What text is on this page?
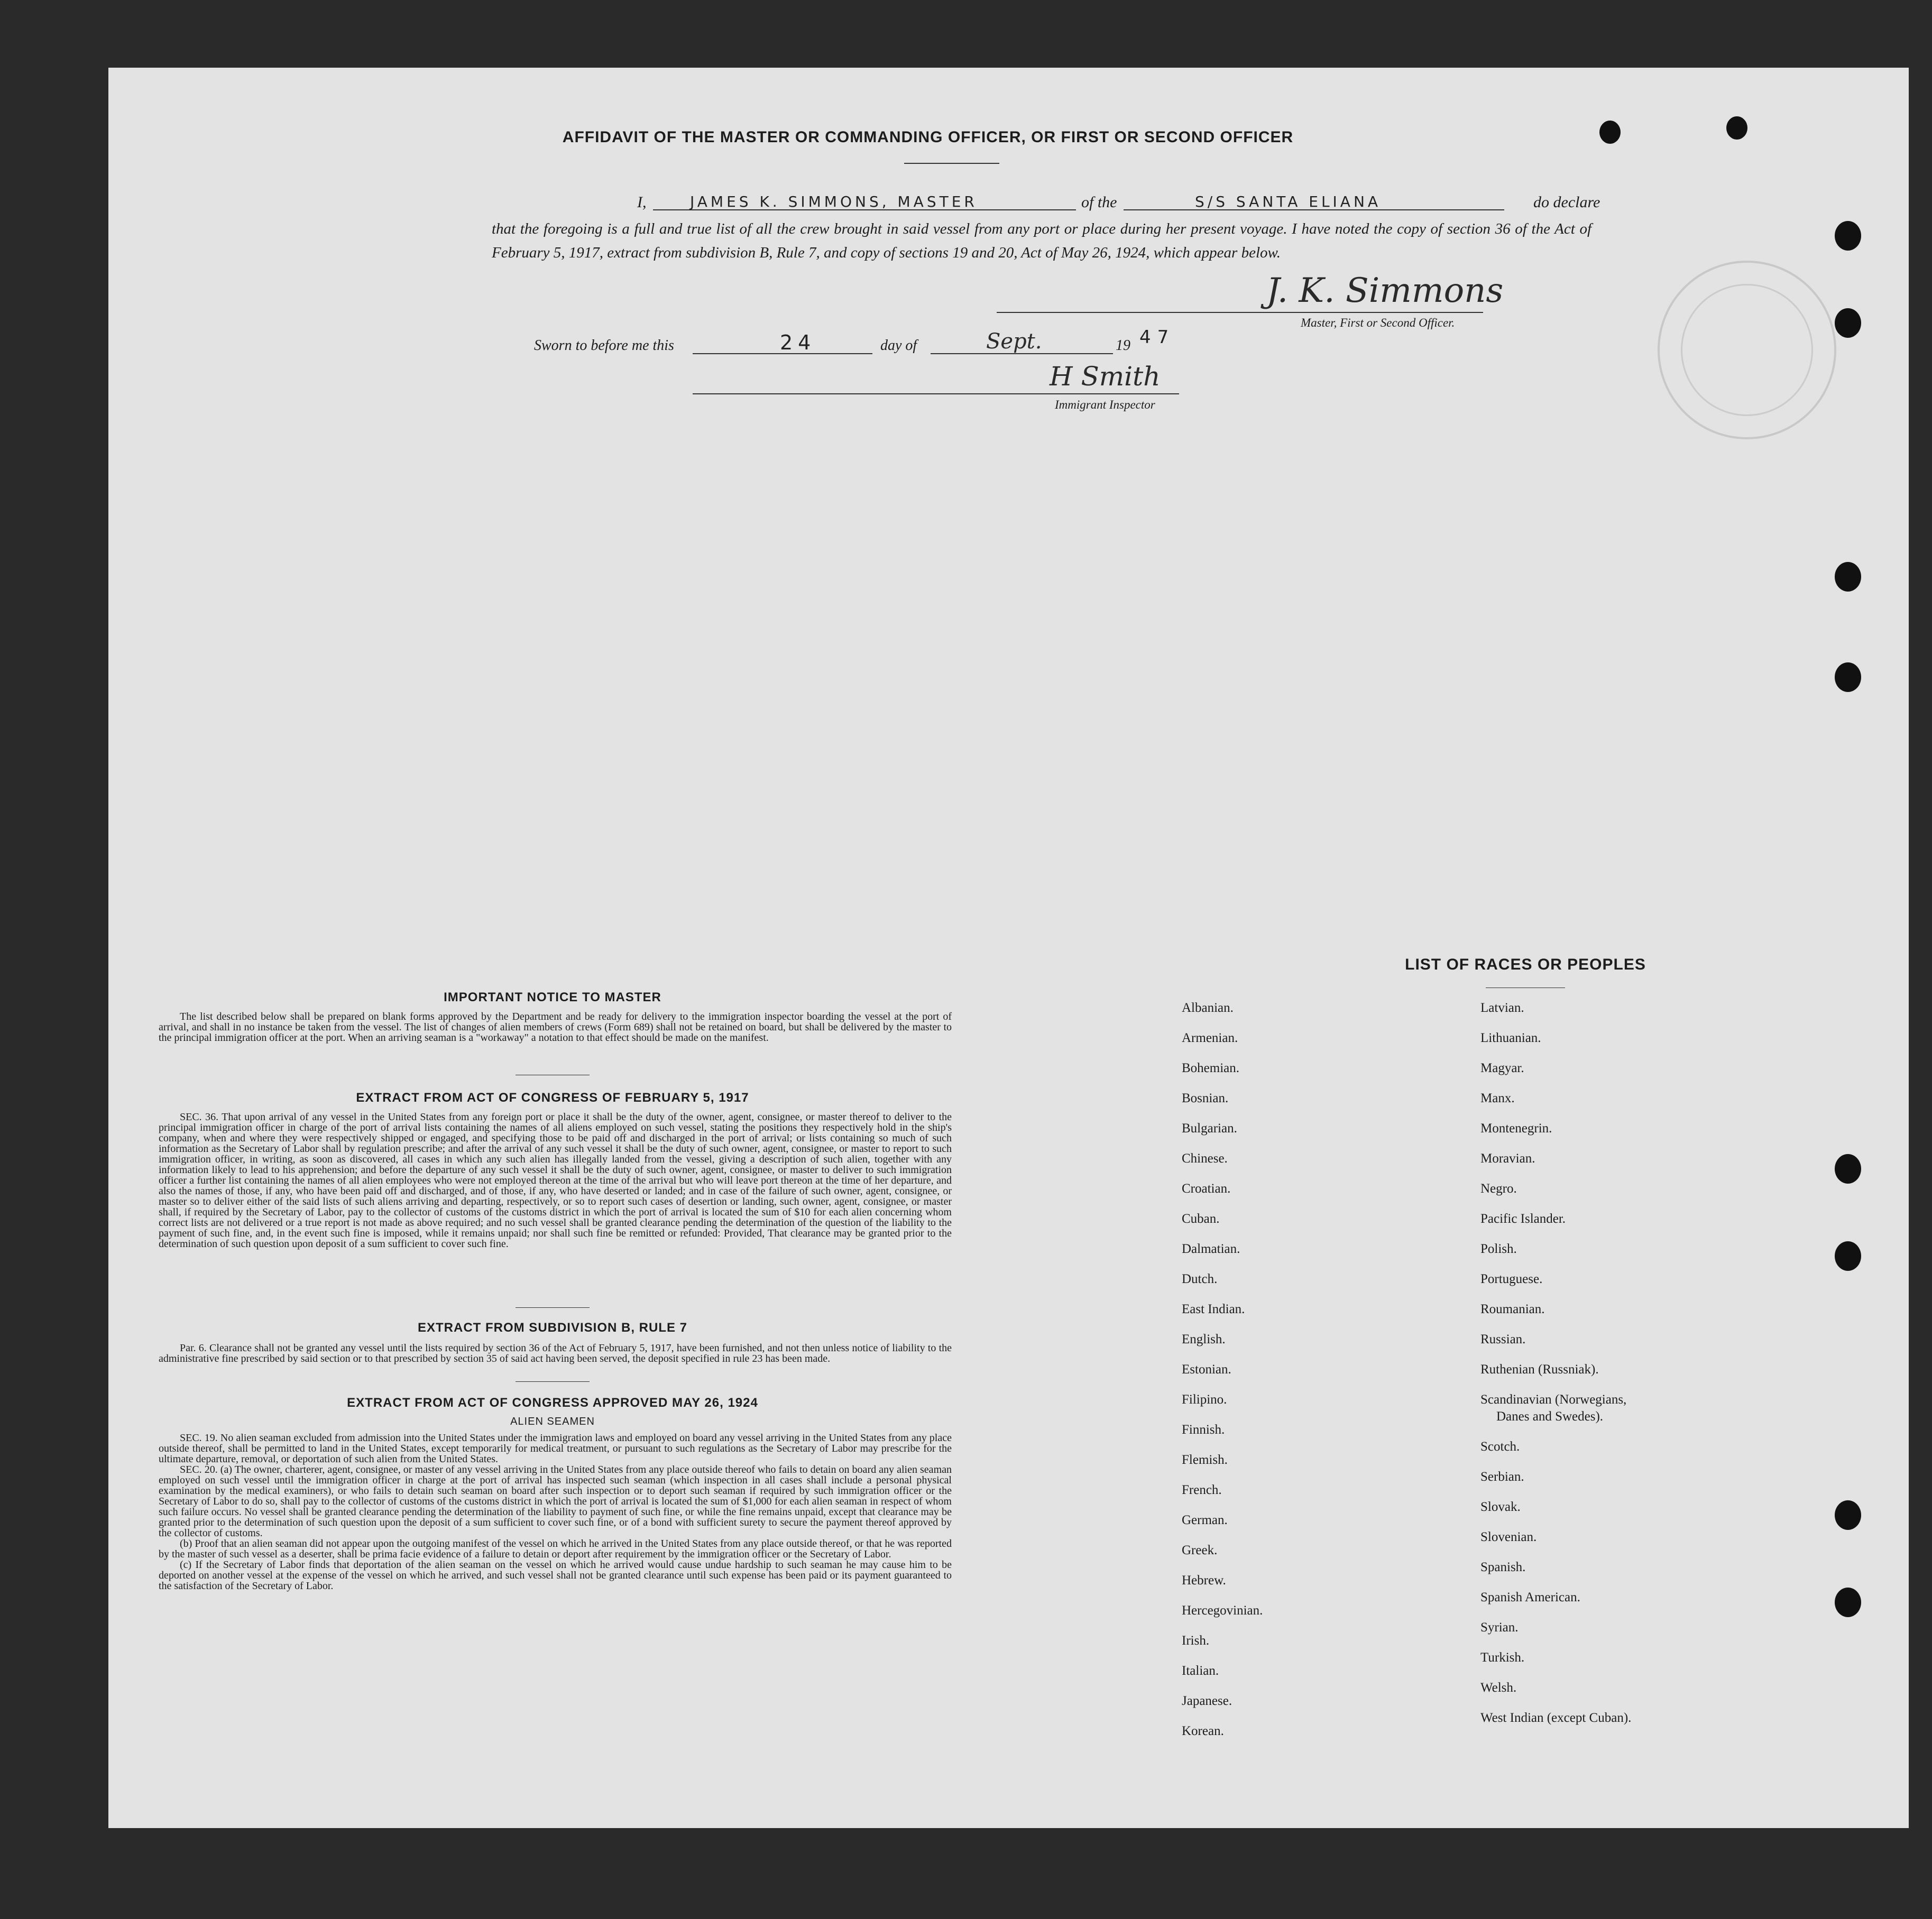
AFFIDAVIT OF THE MASTER OR COMMANDING OFFICER, OR FIRST OR SECOND OFFICER
I,	JAMES K. SIMMONS, MASTER	of the	S/S SANTA ELIANA	do declare
that the foregoing is a full and true list of all the crew brought in said vessel from any port or place during her present voyage. I have noted the copy of section 36 of the Act of February 5, 1917, extract from subdivision B, Rule 7, and copy of sections 19 and 20, Act of May 26, 1924, which appear below.
J. K. Simmons
Master, First or Second Officer.
Sworn to before me this	24	day of	Sept.	19 47
H Smith
Immigrant Inspector
IMPORTANT NOTICE TO MASTER
The list described below shall be prepared on blank forms approved by the Department and be ready for delivery to the immigration inspector boarding the vessel at the port of arrival, and shall in no instance be taken from the vessel. The list of changes of alien members of crews (Form 689) shall not be retained on board, but shall be delivered by the master to the principal immigration officer at the port. When an arriving seaman is a "workaway" a notation to that effect should be made on the manifest.
EXTRACT FROM ACT OF CONGRESS OF FEBRUARY 5, 1917
SEC. 36. That upon arrival of any vessel in the United States from any foreign port or place it shall be the duty of the owner, agent, consignee, or master thereof to deliver to the principal immigration officer in charge of the port of arrival lists containing the names of all aliens employed on such vessel, stating the positions they respectively hold in the ship's company, when and where they were respectively shipped or engaged, and specifying those to be paid off and discharged in the port of arrival; or lists containing so much of such information as the Secretary of Labor shall by regulation prescribe; and after the arrival of any such vessel it shall be the duty of such owner, agent, consignee, or master to report to such immigration officer, in writing, as soon as discovered, all cases in which any such alien has illegally landed from the vessel, giving a description of such alien, together with any information likely to lead to his apprehension; and before the departure of any such vessel it shall be the duty of such owner, agent, consignee, or master to deliver to such immigration officer a further list containing the names of all alien employees who were not employed thereon at the time of the arrival but who will leave port thereon at the time of her departure, and also the names of those, if any, who have been paid off and discharged, and of those, if any, who have deserted or landed; and in case of the failure of such owner, agent, consignee, or master so to deliver either of the said lists of such aliens arriving and departing, respectively, or so to report such cases of desertion or landing, such owner, agent, consignee, or master shall, if required by the Secretary of Labor, pay to the collector of customs of the customs district in which the port of arrival is located the sum of $10 for each alien concerning whom correct lists are not delivered or a true report is not made as above required; and no such vessel shall be granted clearance pending the determination of the question of the liability to the payment of such fine, and, in the event such fine is imposed, while it remains unpaid; nor shall such fine be remitted or refunded: Provided, That clearance may be granted prior to the determination of such question upon deposit of a sum sufficient to cover such fine.
EXTRACT FROM SUBDIVISION B, RULE 7
Par. 6. Clearance shall not be granted any vessel until the lists required by section 36 of the Act of February 5, 1917, have been furnished, and not then unless notice of liability to the administrative fine prescribed by said section or to that prescribed by section 35 of said act having been served, the deposit specified in rule 23 has been made.
EXTRACT FROM ACT OF CONGRESS APPROVED MAY 26, 1924
ALIEN SEAMEN
SEC. 19. No alien seaman excluded from admission into the United States under the immigration laws and employed on board any vessel arriving in the United States from any place outside thereof, shall be permitted to land in the United States, except temporarily for medical treatment, or pursuant to such regulations as the Secretary of Labor may prescribe for the ultimate departure, removal, or deportation of such alien from the United States.
SEC. 20. (a) The owner, charterer, agent, consignee, or master of any vessel arriving in the United States from any place outside thereof who fails to detain on board any alien seaman employed on such vessel until the immigration officer in charge at the port of arrival has inspected such seaman (which inspection in all cases shall include a personal physical examination by the medical examiners), or who fails to detain such seaman on board after such inspection or to deport such seaman if required by such immigration officer or the Secretary of Labor to do so, shall pay to the collector of customs of the customs district in which the port of arrival is located the sum of $1,000 for each alien seaman in respect of whom such failure occurs. No vessel shall be granted clearance pending the determination of the liability to payment of such fine, or while the fine remains unpaid, except that clearance may be granted prior to the determination of such question upon the deposit of a sum sufficient to cover such fine, or of a bond with sufficient surety to secure the payment thereof approved by the collector of customs.
(b) Proof that an alien seaman did not appear upon the outgoing manifest of the vessel on which he arrived in the United States from any place outside thereof, or that he was reported by the master of such vessel as a deserter, shall be prima facie evidence of a failure to detain or deport after requirement by the immigration officer or the Secretary of Labor.
(c) If the Secretary of Labor finds that deportation of the alien seaman on the vessel on which he arrived would cause undue hardship to such seaman he may cause him to be deported on another vessel at the expense of the vessel on which he arrived, and such vessel shall not be granted clearance until such expense has been paid or its payment guaranteed to the satisfaction of the Secretary of Labor.
LIST OF RACES OR PEOPLES
Albanian.
Armenian.
Bohemian.
Bosnian.
Bulgarian.
Chinese.
Croatian.
Cuban.
Dalmatian.
Dutch.
East Indian.
English.
Estonian.
Filipino.
Finnish.
Flemish.
French.
German.
Greek.
Hebrew.
Hercegovinian.
Irish.
Italian.
Japanese.
Korean.
Latvian.
Lithuanian.
Magyar.
Manx.
Montenegrin.
Moravian.
Negro.
Pacific Islander.
Polish.
Portuguese.
Roumanian.
Russian.
Ruthenian (Russniak).
Scandinavian (Norwegians,
Danes and Swedes).
Scotch.
Serbian.
Slovak.
Slovenian.
Spanish.
Spanish American.
Syrian.
Turkish.
Welsh.
West Indian (except Cuban).
